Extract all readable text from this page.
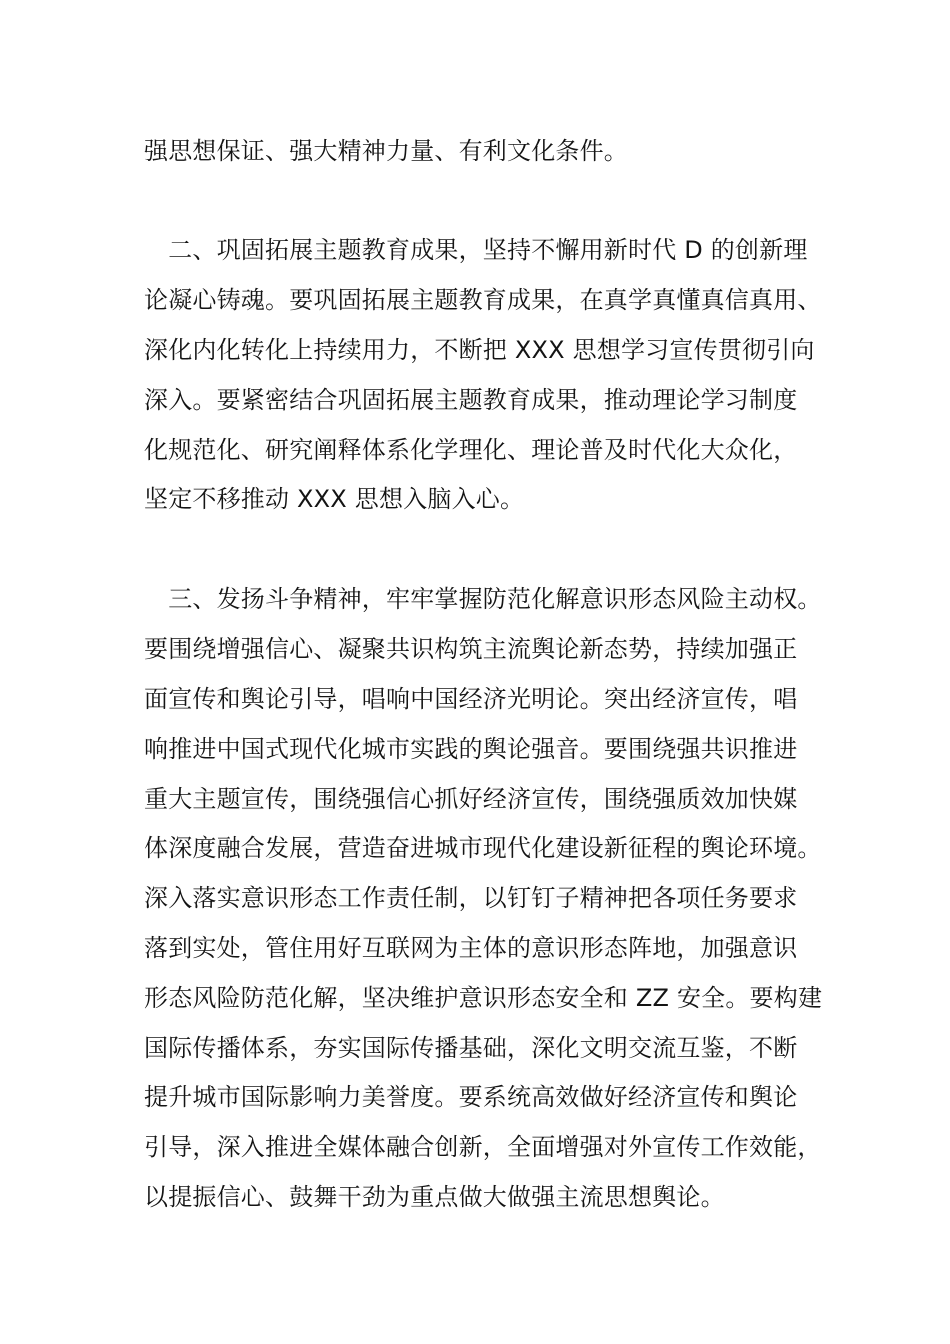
强思想保证、强大精神力量、有利文化条件。
　二、巩固拓展主题教育成果，坚持不懈用新时代 D 的创新理
论凝心铸魂。要巩固拓展主题教育成果，在真学真懂真信真用、
深化内化转化上持续用力，不断把 XXX 思想学习宣传贯彻引向
深入。要紧密结合巩固拓展主题教育成果，推动理论学习制度
化规范化、研究阐释体系化学理化、理论普及时代化大众化，
坚定不移推动 XXX 思想入脑入心。
　三、发扬斗争精神，牢牢掌握防范化解意识形态风险主动权。
要围绕增强信心、凝聚共识构筑主流舆论新态势，持续加强正
面宣传和舆论引导，唱响中国经济光明论。突出经济宣传，唱
响推进中国式现代化城市实践的舆论强音。要围绕强共识推进
重大主题宣传，围绕强信心抓好经济宣传，围绕强质效加快媒
体深度融合发展，营造奋进城市现代化建设新征程的舆论环境。
深入落实意识形态工作责任制，以钉钉子精神把各项任务要求
落到实处，管住用好互联网为主体的意识形态阵地，加强意识
形态风险防范化解，坚决维护意识形态安全和 ZZ 安全。要构建
国际传播体系，夯实国际传播基础，深化文明交流互鉴，不断
提升城市国际影响力美誉度。要系统高效做好经济宣传和舆论
引导，深入推进全媒体融合创新，全面增强对外宣传工作效能，
以提振信心、鼓舞干劲为重点做大做强主流思想舆论。
